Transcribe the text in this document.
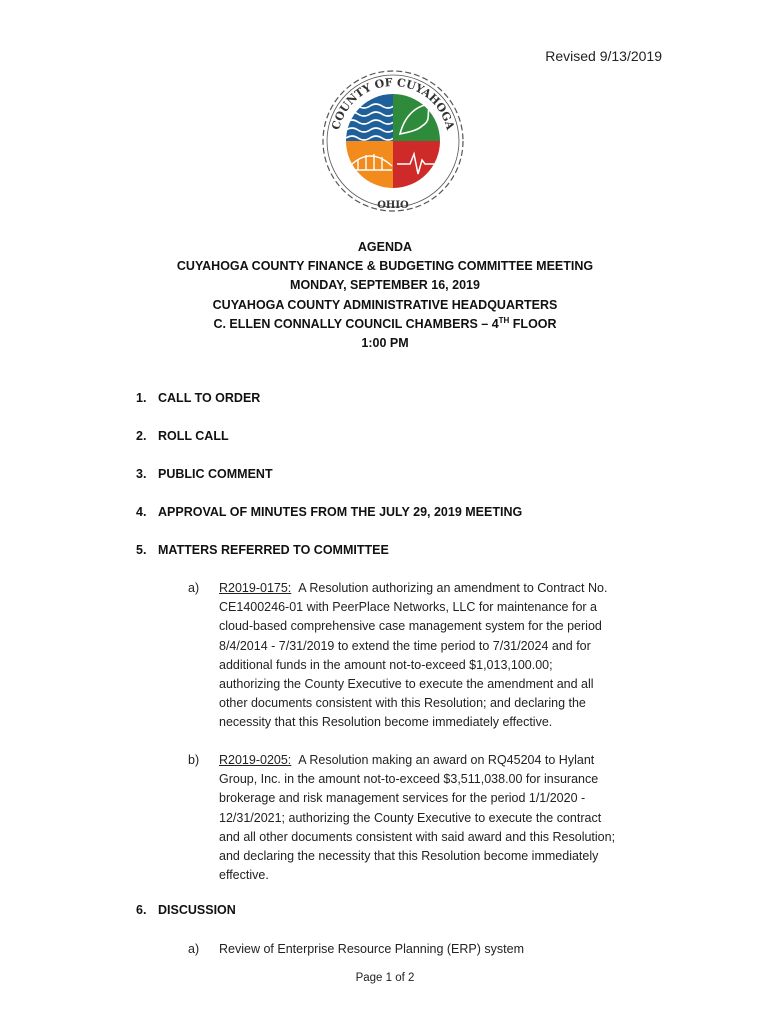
Revised 9/13/2019
COUNTY OF CUYAHOGA
OHIO
AGENDA
CUYAHOGA COUNTY FINANCE & BUDGETING COMMITTEE MEETING
MONDAY, SEPTEMBER 16, 2019
CUYAHOGA COUNTY ADMINISTRATIVE HEADQUARTERS
C. ELLEN CONNALLY COUNCIL CHAMBERS – 4TH FLOOR
1:00 PM
1. CALL TO ORDER
2. ROLL CALL
3. PUBLIC COMMENT
4. APPROVAL OF MINUTES FROM THE JULY 29, 2019 MEETING
5. MATTERS REFERRED TO COMMITTEE
a) R2019-0175: A Resolution authorizing an amendment to Contract No.
CE1400246-01 with PeerPlace Networks, LLC for maintenance for a
cloud-based comprehensive case management system for the period
8/4/2014 - 7/31/2019 to extend the time period to 7/31/2024 and for
additional funds in the amount not-to-exceed $1,013,100.00;
authorizing the County Executive to execute the amendment and all
other documents consistent with this Resolution; and declaring the
necessity that this Resolution become immediately effective.
b) R2019-0205: A Resolution making an award on RQ45204 to Hylant
Group, Inc. in the amount not-to-exceed $3,511,038.00 for insurance
brokerage and risk management services for the period 1/1/2020 -
12/31/2021; authorizing the County Executive to execute the contract
and all other documents consistent with said award and this Resolution;
and declaring the necessity that this Resolution become immediately
effective.
6. DISCUSSION
a) Review of Enterprise Resource Planning (ERP) system
Page 1 of 2
